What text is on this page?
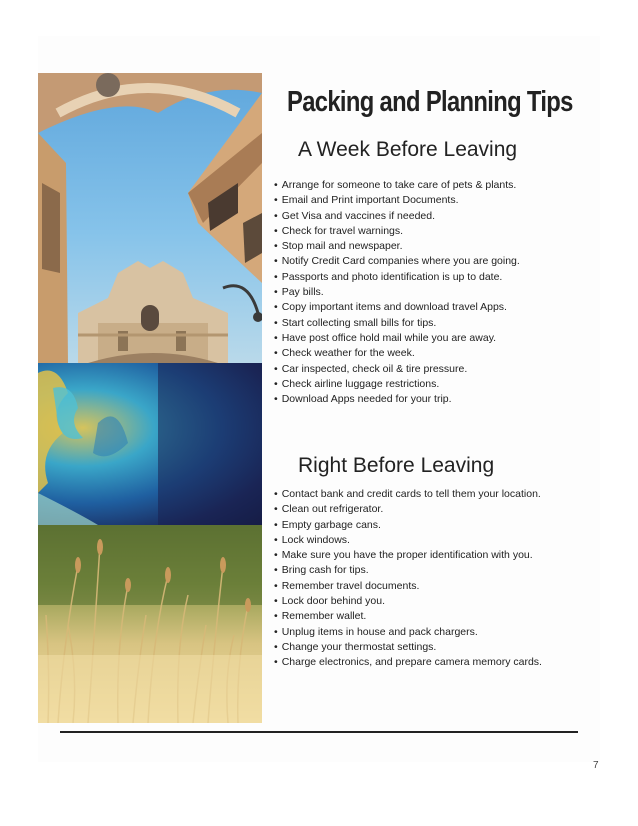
Packing and Planning Tips
A Week Before Leaving
• Arrange for someone to take care of pets & plants.
• Email and Print important Documents.
• Get Visa and vaccines if needed.
• Check for travel warnings.
• Stop mail and newspaper.
• Notify Credit Card companies where you are going.
• Passports and photo identification is up to date.
• Pay bills.
• Copy important items and download travel Apps.
• Start collecting small bills for tips.
• Have post office hold mail while you are away.
• Check weather for the week.
• Car inspected, check oil & tire pressure.
• Check airline luggage restrictions.
• Download Apps needed for your trip.
Right Before Leaving
• Contact bank and credit cards to tell them your location.
• Clean out refrigerator.
• Empty garbage cans.
• Lock windows.
• Make sure you have the proper identification with you.
• Bring cash for tips.
• Remember travel documents.
• Lock door behind you.
• Remember wallet.
• Unplug items in house and pack chargers.
• Change your thermostat settings.
• Charge electronics, and prepare camera memory cards.
7
